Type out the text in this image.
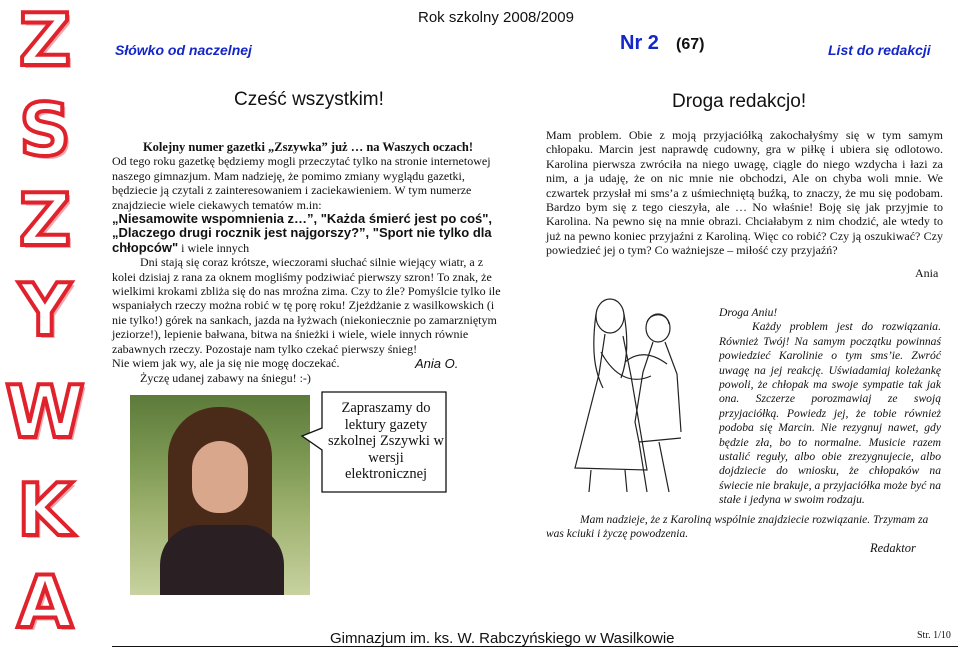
Z
S
Z
Y
W
K
A
Rok szkolny 2008/2009
Słówko od naczelnej	Nr 2 (67)	List do redakcji
Cześć wszystkim!
Kolejny numer gazetki „Zszywka” już … na Waszych oczach!

Od tego roku gazetkę będziemy mogli przeczytać tylko na stronie internetowej naszego gimnazjum. Mam nadzieję, że pomimo zmiany wyglądu gazetki, będziecie ją czytali z zainteresowaniem i zaciekawieniem. W tym numerze znajdziecie wiele ciekawych tematów m.in:

„Niesamowite wspomnienia z…”, "Każda śmierć jest po coś", „Dlaczego drugi rocznik jest najgorszy?”, "Sport nie tylko dla chłopców" i wiele innych

Dni stają się coraz krótsze, wieczorami słuchać silnie wiejący wiatr, a z kolei dzisiaj z rana za oknem mogliśmy podziwiać pierwszy szron! To znak, że wielkimi krokami zbliża się do nas mroźna zima. Czy to źle? Pomyślcie tylko ile wspaniałych rzeczy można robić w tę porę roku! Zjeżdżanie z wasilkowskich (i nie tylko!) górek na sankach, jazda na łyżwach (niekoniecznie po zamarzniętym jeziorze!), lepienie bałwana, bitwa na śnieżki i wiele, wiele innych równie zabawnych rzeczy. Pozostaje nam tylko czekać pierwszy śnieg!

Nie wiem jak wy, ale ja się nie mogę doczekać.

Życzę udanej zabawy na śniegu! :-)

Ania O.
Zapraszamy do lektury gazety szkolnej Zszywki w wersji elektronicznej
Droga redakcjo!
Mam problem. Obie z moją przyjaciółką zakochałyśmy się w tym samym chłopaku. Marcin jest naprawdę cudowny, gra w piłkę i ubiera się odlotowo. Karolina pierwsza zwróciła na niego uwagę, ciągle do niego wzdycha i łazi za nim, a ja udaję, że on nic mnie nie obchodzi, Ale on chyba woli mnie. We czwartek przysłał mi sms’a z uśmiechniętą buźką, to znaczy, że mu się podobam. Bardzo bym się z tego cieszyła, ale … No właśnie! Boję się jak przyjmie to Karolina. Na pewno się na mnie obrazi. Chciałabym z nim chodzić, ale wtedy to już na pewno koniec przyjaźni z Karoliną. Więc co robić? Czy ją oszukiwać? Czy powiedzieć jej o tym? Co ważniejsze – miłość czy przyjaźń?
Ania
Droga Aniu!
Każdy problem jest do rozwiązania. Również Twój! Na samym początku powinnaś powiedzieć Karolinie o tym sms’ie. Zwróć uwagę na jej reakcję. Uświadamiaj koleżankę powoli, że chłopak ma swoje sympatie tak jak ona. Szczerze porozmawiaj ze swoją przyjaciółką. Powiedz jej, że tobie również podoba się Marcin. Nie rezygnuj nawet, gdy będzie zła, bo to normalne. Musicie razem ustalić reguły, albo obie zrezygnujecie, albo dojdziecie do wniosku, że chłopaków na świecie nie brakuje, a przyjaciółka może być na stałe i jedyna w swoim rodzaju.
Mam nadzieje, że z Karoliną wspólnie znajdziecie rozwiązanie. Trzymam za was kciuki i życzę powodzenia.
Redaktor
Gimnazjum im. ks. W. Rabczyńskiego w Wasilkowie	Str. 1/10
